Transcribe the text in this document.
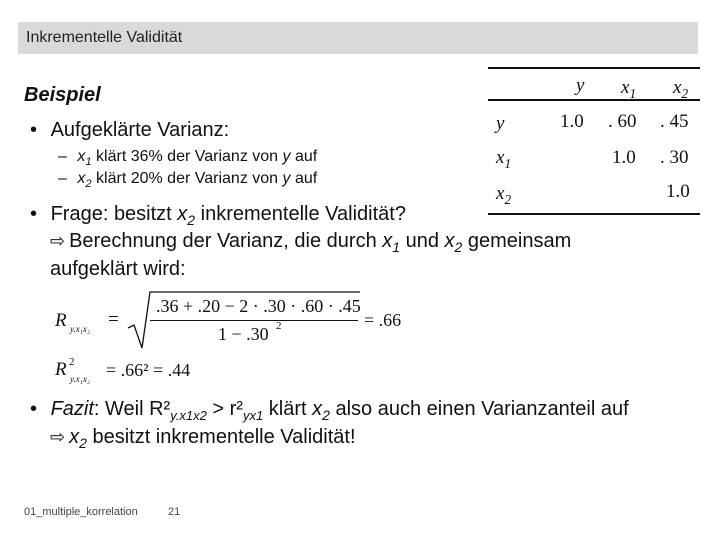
Inkrementelle Validität
Beispiel
• Aufgeklärte Varianz:
– $x_1$ klärt 36% der Varianz von y auf
– $x_2$ klärt 20% der Varianz von y auf
• Frage: besitzt $x_2$ inkrementelle Validität?
⇨ Berechnung der Varianz, die durch $x_1$ und $x_2$ gemeinsam
aufgeklärt wird:
y $x_1$ $x_2$
y
$x_1$
$x_2$
1.0 . 60 . 45
1.0 . 30
1.0
R y.x₁x₂ =
.36 + .20 − 2 · .30 · .60 · .45
1 − .30 2	= .66
R 2
y.x₁x₂ = .66² = .44
• Fazit: Weil $R^2_{y.x1x2} > r^2_{yx1}$ klärt $x_2$ also auch einen Varianzanteil auf
⇨ $x_2$ besitzt inkrementelle Validität!
01_multiple_korrelation	21
